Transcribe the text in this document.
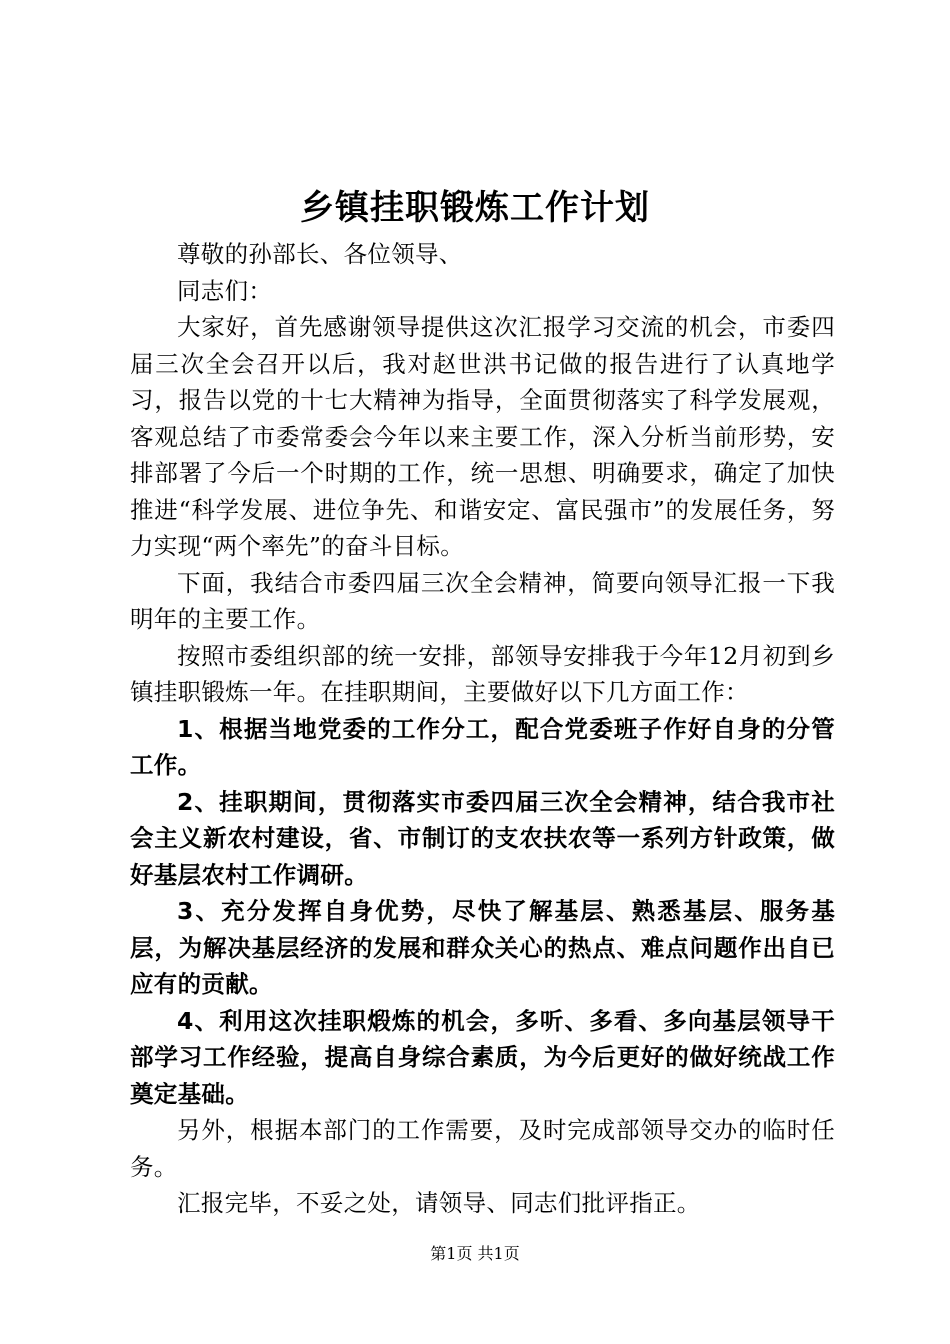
乡镇挂职锻炼工作计划

尊敬的孙部长、各位领导、

同志们：

大家好，首先感谢领导提供这次汇报学习交流的机会，市委四届三次全会召开以后，我对赵世洪书记做的报告进行了认真地学习，报告以党的十七大精神为指导，全面贯彻落实了科学发展观，客观总结了市委常委会今年以来主要工作，深入分析当前形势，安排部署了今后一个时期的工作，统一思想、明确要求，确定了加快推进“科学发展、进位争先、和谐安定、富民强市”的发展任务，努力实现“两个率先”的奋斗目标。

下面，我结合市委四届三次全会精神，简要向领导汇报一下我明年的主要工作。

按照市委组织部的统一安排，部领导安排我于今年12月初到乡镇挂职锻炼一年。在挂职期间，主要做好以下几方面工作：

1、根据当地党委的工作分工，配合党委班子作好自身的分管工作。

2、挂职期间，贯彻落实市委四届三次全会精神，结合我市社会主义新农村建设，省、市制订的支农扶农等一系列方针政策，做好基层农村工作调研。

3、充分发挥自身优势，尽快了解基层、熟悉基层、服务基层，为解决基层经济的发展和群众关心的热点、难点问题作出自已应有的贡献。

4、利用这次挂职煅炼的机会，多听、多看、多向基层领导干部学习工作经验，提高自身综合素质，为今后更好的做好统战工作奠定基础。

另外，根据本部门的工作需要，及时完成部领导交办的临时任务。

汇报完毕，不妥之处，请领导、同志们批评指正。

第1页 共1页
